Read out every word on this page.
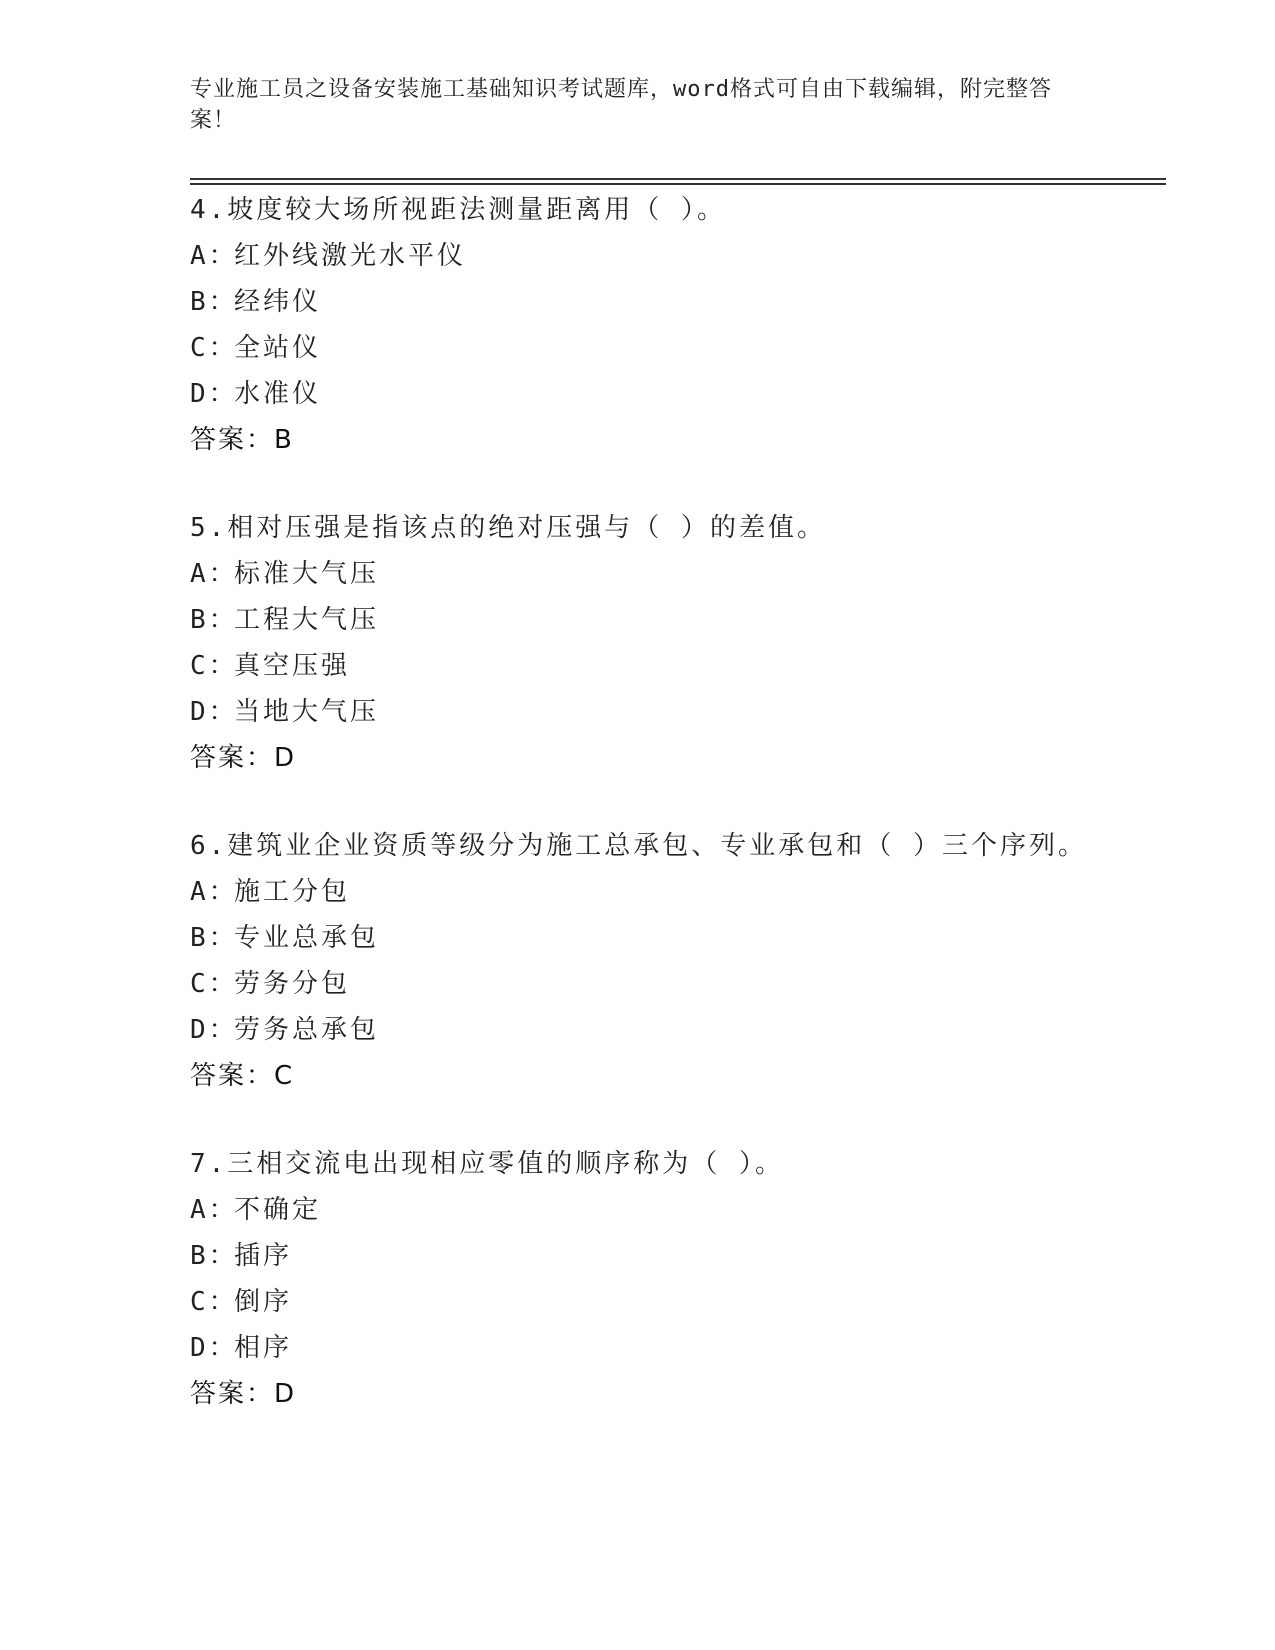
专业施工员之设备安装施工基础知识考试题库，word格式可自由下载编辑，附完整答案！
4.坡度较大场所视距法测量距离用（ ）。
A：红外线激光水平仪
B：经纬仪
C：全站仪
D：水准仪
答案：B
5.相对压强是指该点的绝对压强与（ ）的差值。
A：标准大气压
B：工程大气压
C：真空压强
D：当地大气压
答案：D
6.建筑业企业资质等级分为施工总承包、专业承包和（ ）三个序列。
A：施工分包
B：专业总承包
C：劳务分包
D：劳务总承包
答案：C
7.三相交流电出现相应零值的顺序称为（ ）。
A：不确定
B：插序
C：倒序
D：相序
答案：D
